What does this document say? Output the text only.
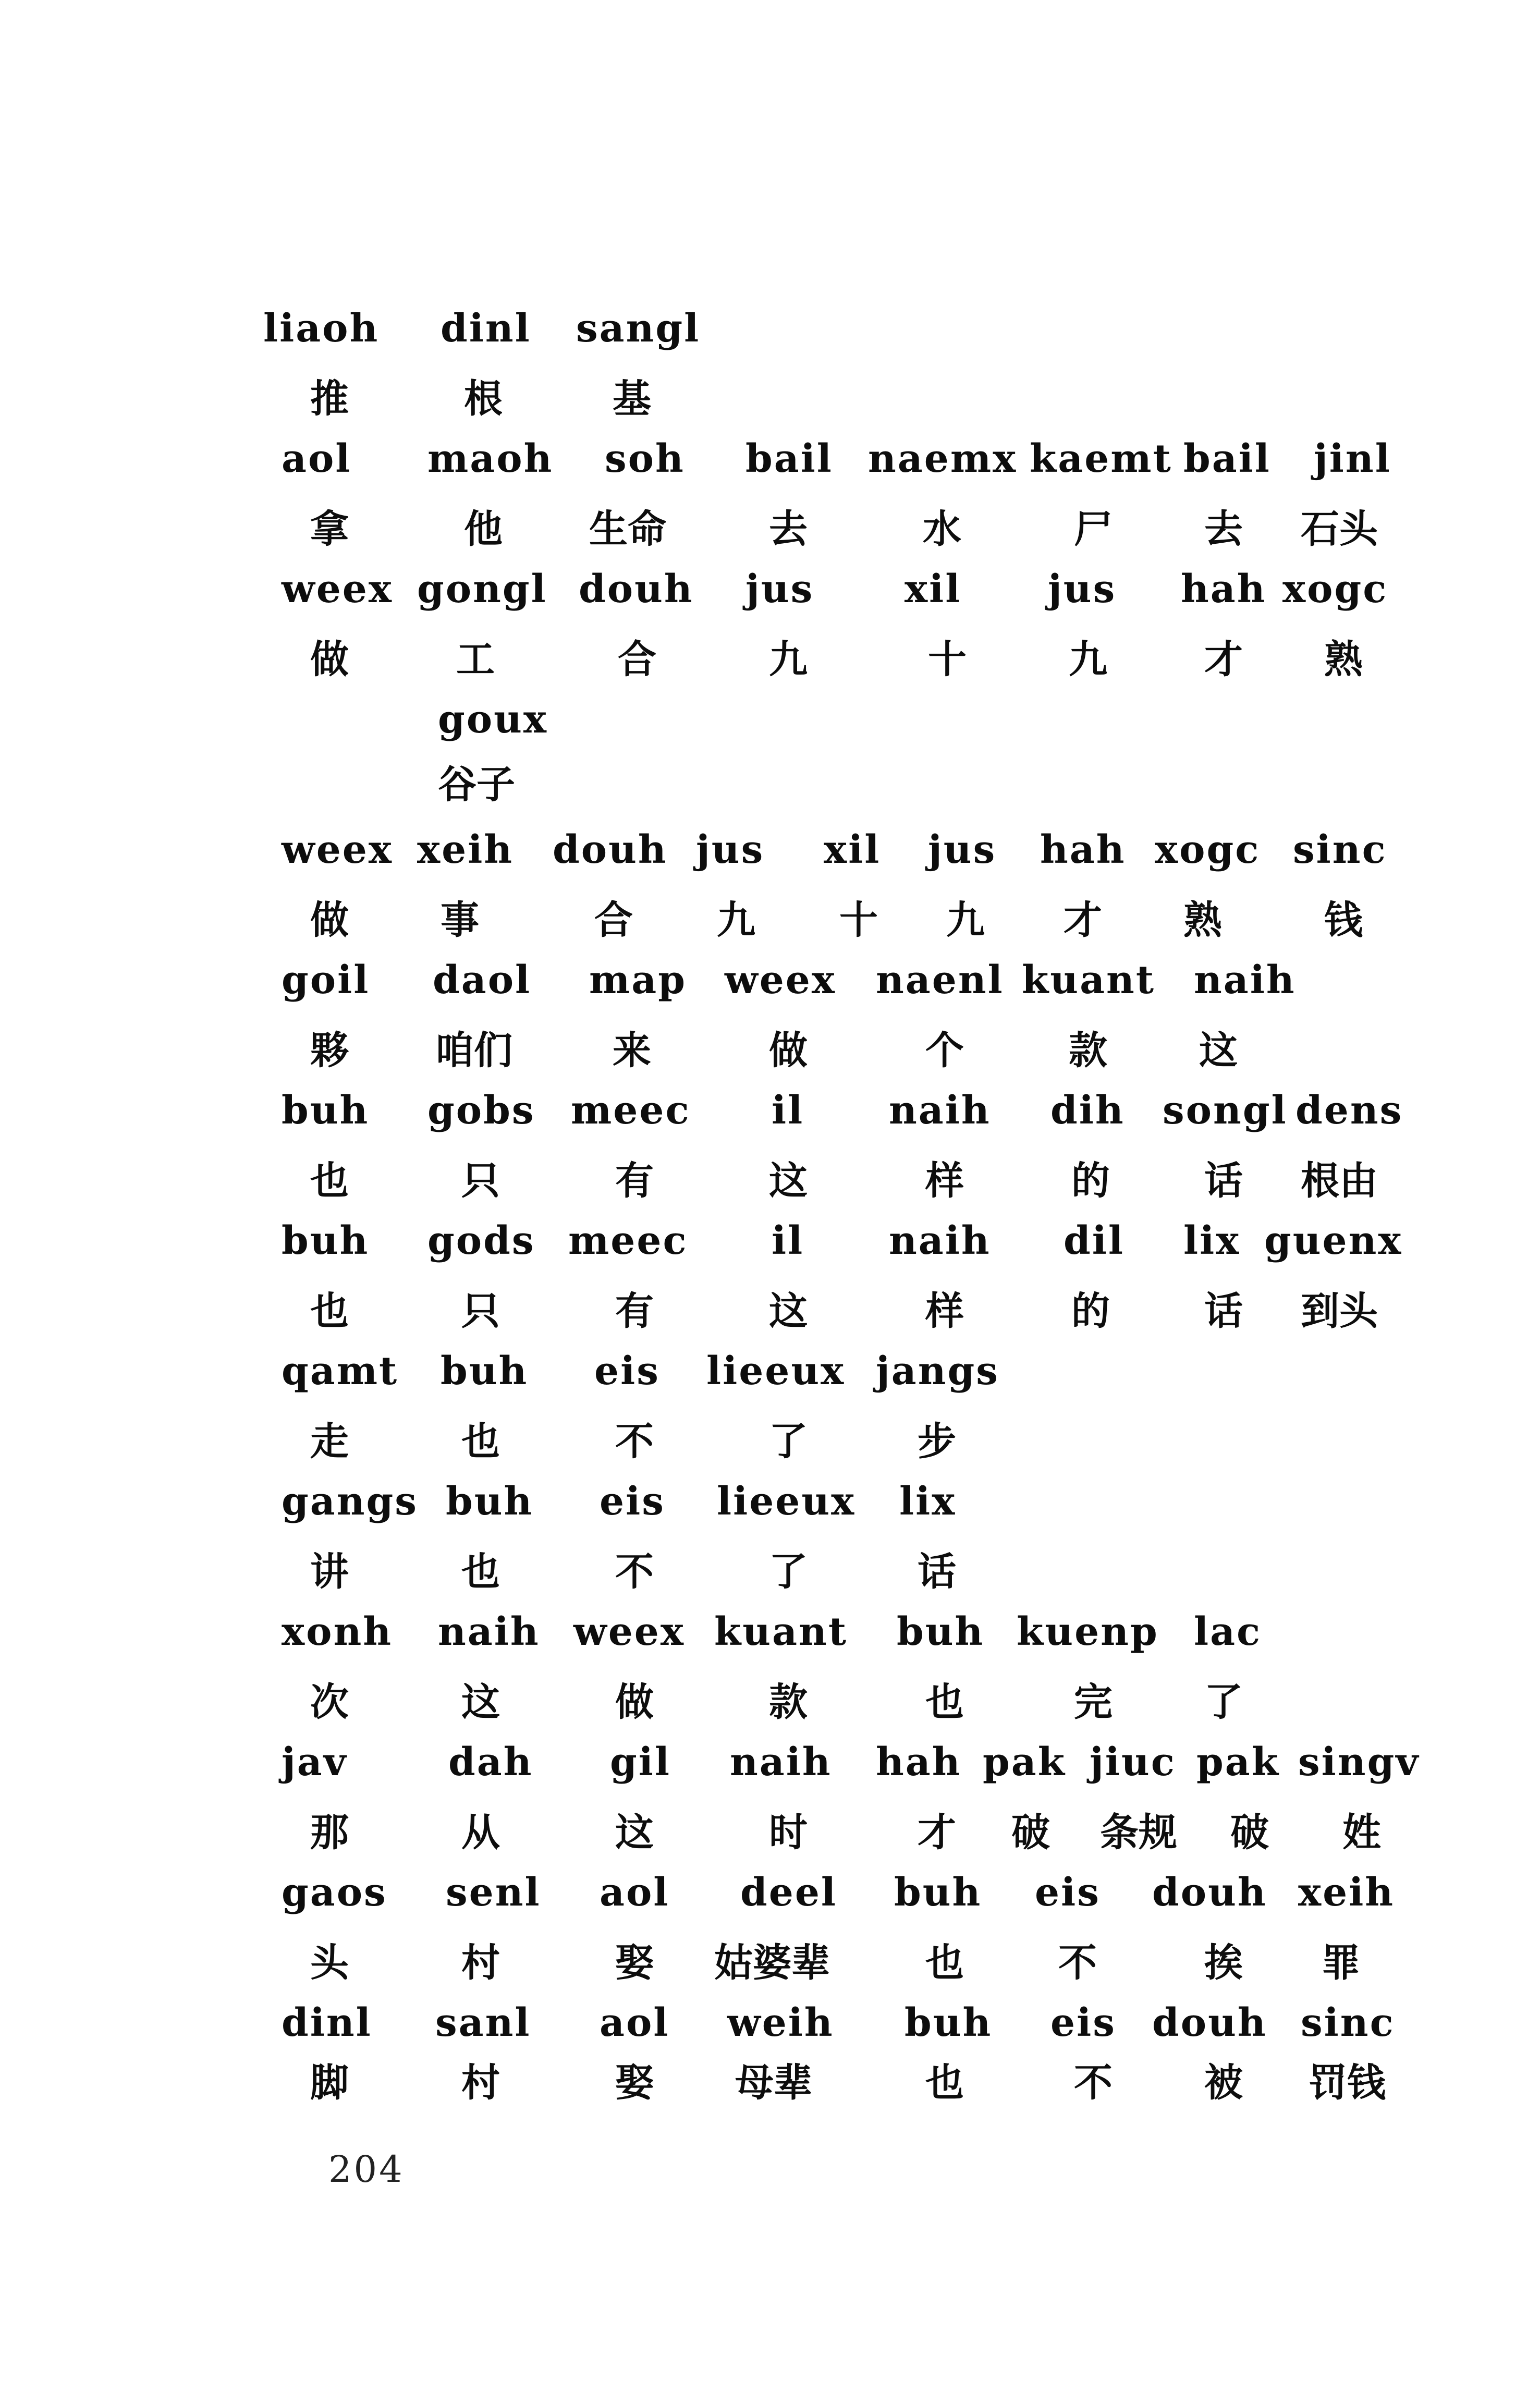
liaoh dinl sangl
推	根	基
aol maoh soh bail naemx kaemt bail jinl
拿	他 生命	去	水	尸 去 石头
weex gongl douh jus xil jus hah xogc
做	工	合	九	十	九	才 熟
goux
谷子
weex xeih douh jus xil jus hah xogc sinc
做 事	合 九 十 九 才 熟	钱
goil daol map weex naenl kuant naih
夥 咱们	来	做	个	款 这
buh gobs meec il naih dih songl dens
也	只	有	这	样	的 话 根由
buh gods meec il naih dil lix guenx
也	只	有	这	样	的 话 到头
qamt buh eis lieeux jangs
走	也	不	了	步
gangs buh eis lieeux lix
讲	也	不	了	话
xonh naih weex kuant buh kuenp lac
次	这	做	款	也	完 了
jav	dah gil naih hah pak jiuc pak singv
那	从	这	时	才 破 条规 破 姓
gaos senl aol deel buh eis douh xeih
头	村	娶 姑婆辈 也 不	挨 罪
dinl sanl aol weih buh eis douh sinc
脚	村	娶 母辈	也	不 被 罚钱
204
